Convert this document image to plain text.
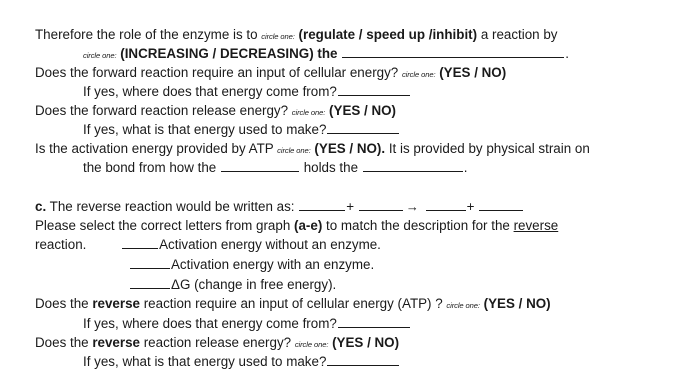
Therefore the role of the enzyme is to circle one: (regulate / speed up /inhibit) a reaction by
circle one: (INCREASING / DECREASING) the	.
Does the forward reaction require an input of cellular energy? circle one: (YES / NO)
If yes, where does that energy come from?
Does the forward reaction release energy? circle one: (YES / NO)
If yes, what is that energy used to make?
Is the activation energy provided by ATP circle one: (YES / NO). It is provided by physical strain on
the bond from how the	holds the	.
c. The reverse reaction would be written as:	+	→	+
Please select the correct letters from graph (a-e) to match the description for the reverse
reaction.	Activation energy without an enzyme.
Activation energy with an enzyme.
ΔG (change in free energy).
Does the reverse reaction require an input of cellular energy (ATP) ? circle one: (YES / NO)
If yes, where does that energy come from?
Does the reverse reaction release energy? circle one: (YES / NO)
If yes, what is that energy used to make?
